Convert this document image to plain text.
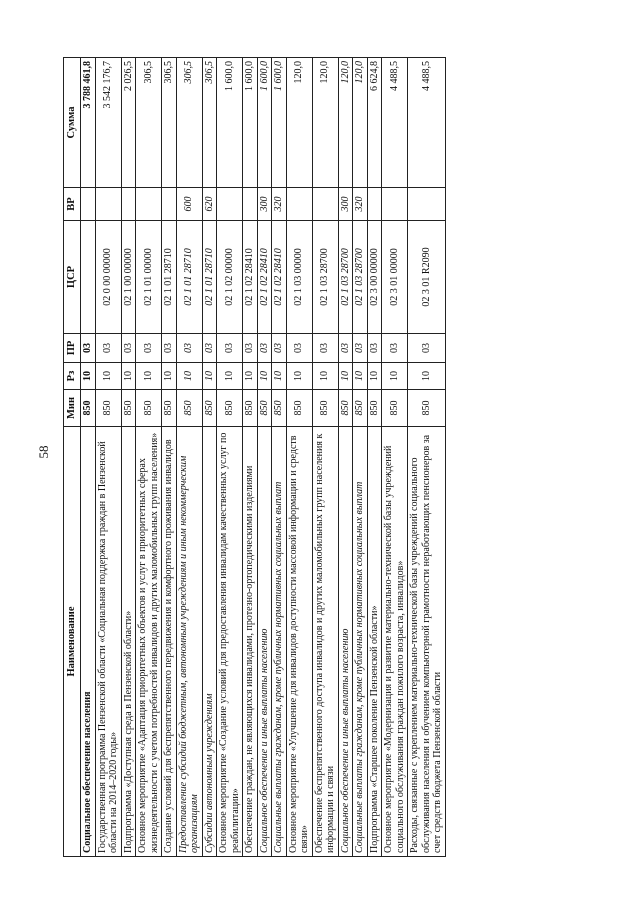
58
Наименование	Мин	Рз	ПР	ЦСР	ВР	Сумма
Социальное обеспечение населения	850	10	03			3 788 461,8
Государственная программа Пензенской области «Социальная поддержка граждан в Пензенской области на 2014–2020 годы»	850	10	03	02 0 00 00000		3 542 176,7
Подпрограмма «Доступная среда в Пензенской области»	850	10	03	02 1 00 00000		2 026,5
Основное мероприятие «Адаптация приоритетных объектов и услуг в приоритетных сферах жизнедеятельности с учетом потребностей инвалидов и других маломобильных групп населения»	850	10	03	02 1 01 00000		306,5
Создание условий для беспрепятственного передвижения и комфортного проживания инвалидов	850	10	03	02 1 01 28710		306,5
Предоставление субсидий бюджетным, автономным учреждениям и иным некоммерческим организациям	850	10	03	02 1 01 28710	600	306,5
Субсидии автономным учреждениям	850	10	03	02 1 01 28710	620	306,5
Основное мероприятие «Создание условий для предоставления инвалидам качественных услуг по реабилитации»	850	10	03	02 1 02 00000		1 600,0
Обеспечение граждан, не являющихся инвалидами, протезно-ортопедическими изделиями	850	10	03	02 1 02 28410		1 600,0
Социальное обеспечение и иные выплаты населению	850	10	03	02 1 02 28410	300	1 600,0
Социальные выплаты гражданам, кроме публичных нормативных социальных выплат	850	10	03	02 1 02 28410	320	1 600,0
Основное мероприятие «Улучшение для инвалидов доступности массовой информации и средств связи»	850	10	03	02 1 03 00000		120,0
Обеспечение беспрепятственного доступа инвалидов и других маломобильных групп населения к информации и связи	850	10	03	02 1 03 28700		120,0
Социальное обеспечение и иные выплаты населению	850	10	03	02 1 03 28700	300	120,0
Социальные выплаты гражданам, кроме публичных нормативных социальных выплат	850	10	03	02 1 03 28700	320	120,0
Подпрограмма «Старшее поколение Пензенской области»	850	10	03	02 3 00 00000		6 624,8
Основное мероприятие «Модернизация и развитие материально-технической базы учреждений социального обслуживания граждан пожилого возраста, инвалидов»	850	10	03	02 3 01 00000		4 488,5
Расходы, связанные с укреплением материально-технической базы учреждений социального обслуживания населения и обучением компьютерной грамотности неработающих пенсионеров за счет средств бюджета Пензенской области	850	10	03	02 3 01 R2090		4 488,5
